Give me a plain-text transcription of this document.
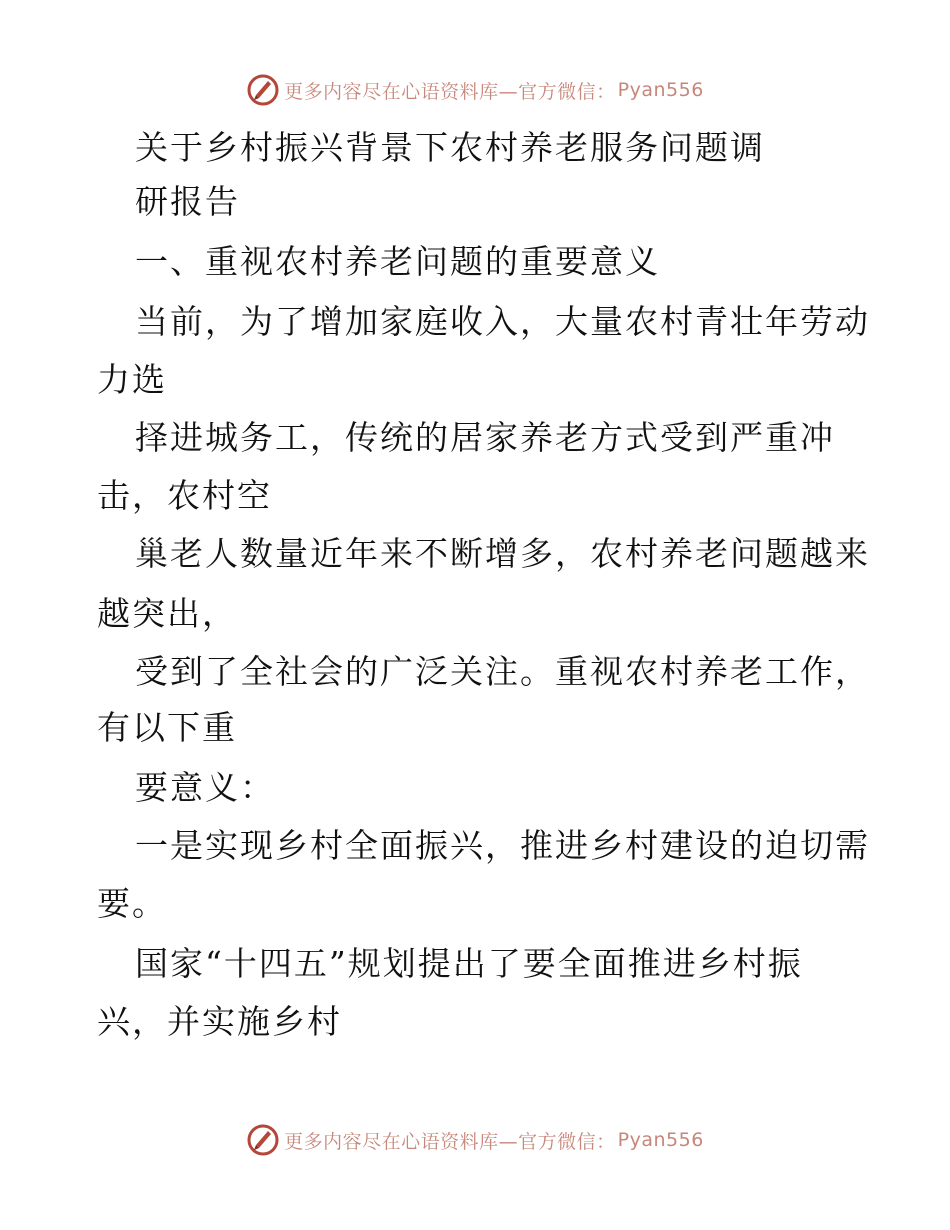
更多内容尽在心语资料库—官方微信： Pyan556
关于乡村振兴背景下农村养老服务问题调
研报告
一、重视农村养老问题的重要意义
当前，为了增加家庭收入，大量农村青壮年劳动
力选
择进城务工，传统的居家养老方式受到严重冲
击，农村空
巢老人数量近年来不断增多，农村养老问题越来
越突出，
受到了全社会的广泛关注。重视农村养老工作，
有以下重
要意义：
一是实现乡村全面振兴，推进乡村建设的迫切需
要。
国家“十四五”规划提出了要全面推进乡村振
兴，并实施乡村
更多内容尽在心语资料库—官方微信： Pyan556
